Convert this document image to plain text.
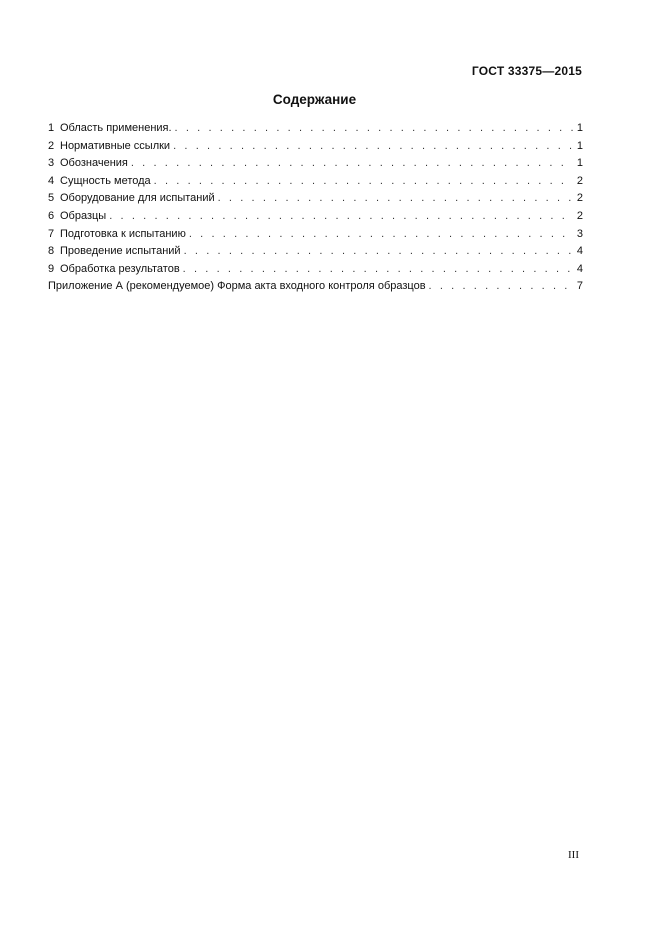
ГОСТ 33375—2015
Содержание
1 Область применения. . . .	1
2 Нормативные ссылки . . .	1
3 Обозначения . . .	1
4 Сущность метода . . .	2
5 Оборудование для испытаний . . .	2
6 Образцы . . .	2
7 Подготовка к испытанию . . .	3
8 Проведение испытаний . . .	4
9 Обработка результатов . . .	4
Приложение А (рекомендуемое) Форма акта входного контроля образцов . . .	7
III
